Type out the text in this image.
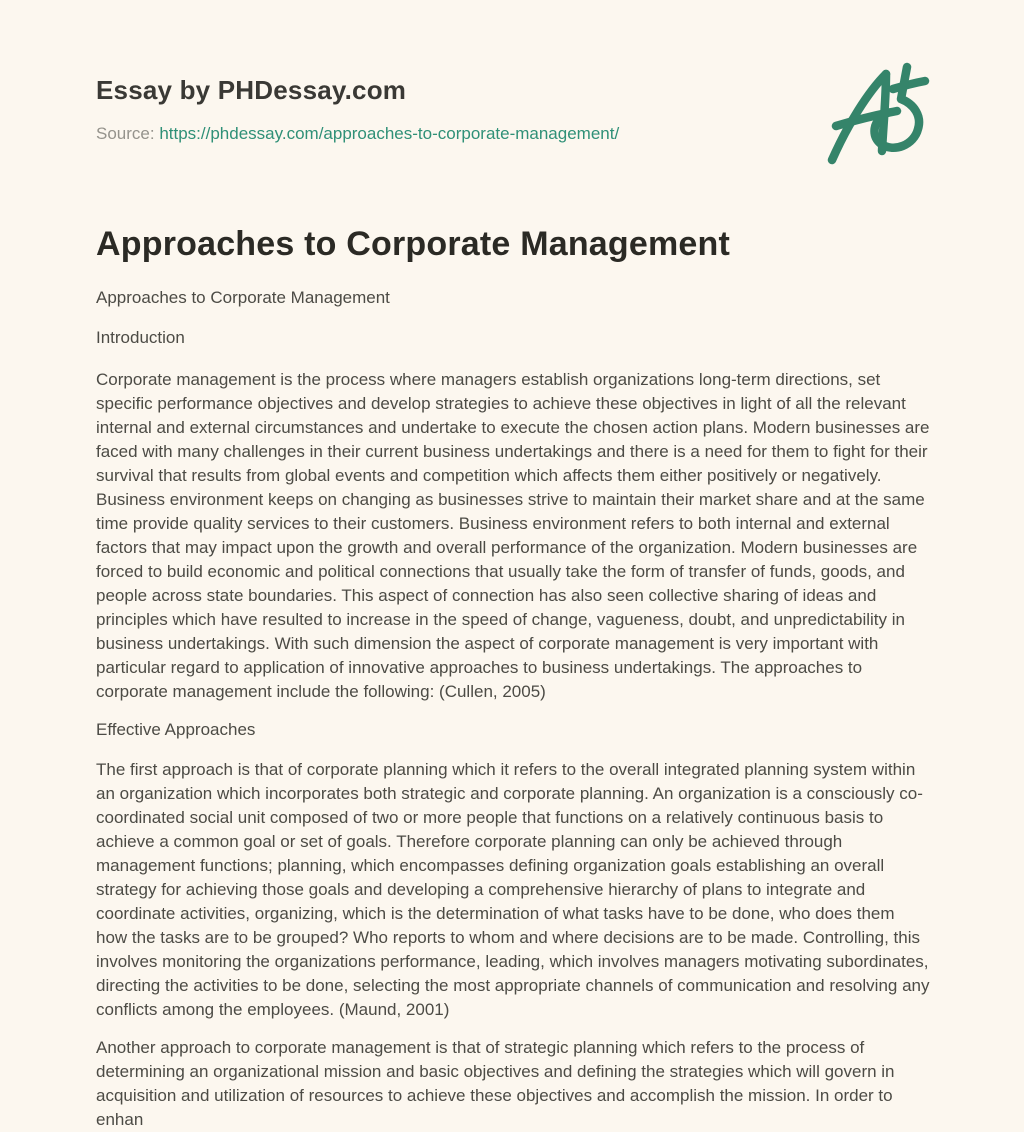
Essay by PHDessay.com
Source: https://phdessay.com/approaches-to-corporate-management/
Approaches to Corporate Management

Approaches to Corporate Management

Introduction

Corporate management is the process where managers establish organizations long-term directions, set specific performance objectives and develop strategies to achieve these objectives in light of all the relevant internal and external circumstances and undertake to execute the chosen action plans. Modern businesses are faced with many challenges in their current business undertakings and there is a need for them to fight for their survival that results from global events and competition which affects them either positively or negatively. Business environment keeps on changing as businesses strive to maintain their market share and at the same time provide quality services to their customers. Business environment refers to both internal and external factors that may impact upon the growth and overall performance of the organization. Modern businesses are forced to build economic and political connections that usually take the form of transfer of funds, goods, and people across state boundaries. This aspect of connection has also seen collective sharing of ideas and principles which have resulted to increase in the speed of change, vagueness, doubt, and unpredictability in business undertakings. With such dimension the aspect of corporate management is very important with particular regard to application of innovative approaches to business undertakings. The approaches to corporate management include the following: (Cullen, 2005)

Effective Approaches

The first approach is that of corporate planning which it refers to the overall integrated planning system within an organization which incorporates both strategic and corporate planning. An organization is a consciously co-coordinated social unit composed of two or more people that functions on a relatively continuous basis to achieve a common goal or set of goals. Therefore corporate planning can only be achieved through management functions; planning, which encompasses defining organization goals establishing an overall strategy for achieving those goals and developing a comprehensive hierarchy of plans to integrate and coordinate activities, organizing, which is the determination of what tasks have to be done, who does them how the tasks are to be grouped? Who reports to whom and where decisions are to be made. Controlling, this involves monitoring the organizations performance, leading, which involves managers motivating subordinates, directing the activities to be done, selecting the most appropriate channels of communication and resolving any conflicts among the employees. (Maund, 2001)

Another approach to corporate management is that of strategic planning which refers to the process of determining an organizational mission and basic objectives and defining the strategies which will govern in acquisition and utilization of resources to achieve these objectives and accomplish the mission. In order to enhan
